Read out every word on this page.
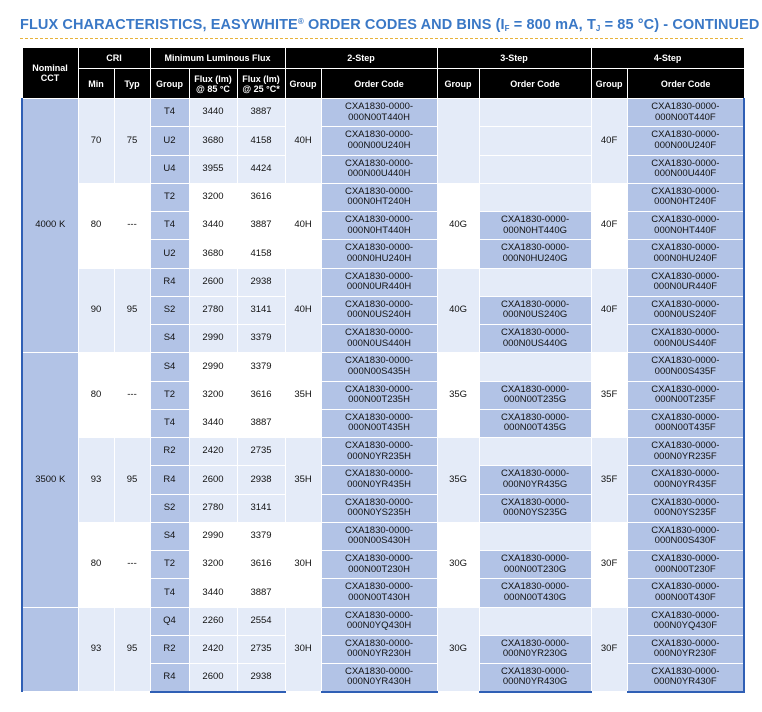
FLUX CHARACTERISTICS, EASYWHITE® ORDER CODES AND BINS ($I_F = 800$ mA, $T_J = 85$ °C) - CONTINUED
Nominal CCT	CRI		Minimum Luminous Flux			2-Step		3-Step		4-Step	
	Min	Typ	Group	Flux (lm) @ 85 °C	Flux (lm) @ 25 °C*	Group	Order Code	Group	Order Code	Group	Order Code
4000 K	70	75	T4	3440	3887	40H	CXA1830-0000-000N00T440H			40F	CXA1830-0000-000N00T440F
			U2	3680	4158		CXA1830-0000-000N00U240H				CXA1830-0000-000N00U240F
			U4	3955	4424		CXA1830-0000-000N00U440H				CXA1830-0000-000N00U440F
	80	---	T2	3200	3616	40H	CXA1830-0000-000N0HT240H	40G		40F	CXA1830-0000-000N0HT240F
			T4	3440	3887		CXA1830-0000-000N0HT440H		CXA1830-0000-000N0HT440G		CXA1830-0000-000N0HT440F
			U2	3680	4158		CXA1830-0000-000N0HU240H		CXA1830-0000-000N0HU240G		CXA1830-0000-000N0HU240F
	90	95	R4	2600	2938	40H	CXA1830-0000-000N0UR440H	40G		40F	CXA1830-0000-000N0UR440F
			S2	2780	3141		CXA1830-0000-000N0US240H		CXA1830-0000-000N0US240G		CXA1830-0000-000N0US240F
			S4	2990	3379		CXA1830-0000-000N0US440H		CXA1830-0000-000N0US440G		CXA1830-0000-000N0US440F
3500 K	80	---	S4	2990	3379	35H	CXA1830-0000-000N00S435H	35G		35F	CXA1830-0000-000N00S435F
			T2	3200	3616		CXA1830-0000-000N00T235H		CXA1830-0000-000N00T235G		CXA1830-0000-000N00T235F
			T4	3440	3887		CXA1830-0000-000N00T435H		CXA1830-0000-000N00T435G		CXA1830-0000-000N00T435F
	93	95	R2	2420	2735	35H	CXA1830-0000-000N0YR235H	35G		35F	CXA1830-0000-000N0YR235F
			R4	2600	2938		CXA1830-0000-000N0YR435H		CXA1830-0000-000N0YR435G		CXA1830-0000-000N0YR435F
			S2	2780	3141		CXA1830-0000-000N0YS235H		CXA1830-0000-000N0YS235G		CXA1830-0000-000N0YS235F
	80	---	S4	2990	3379	30H	CXA1830-0000-000N00S430H	30G		30F	CXA1830-0000-000N00S430F
			T2	3200	3616		CXA1830-0000-000N00T230H		CXA1830-0000-000N00T230G		CXA1830-0000-000N00T230F
			T4	3440	3887		CXA1830-0000-000N00T430H		CXA1830-0000-000N00T430G		CXA1830-0000-000N00T430F
	93	95	Q4	2260	2554	30H	CXA1830-0000-000N0YQ430H	30G		30F	CXA1830-0000-000N0YQ430F
			R2	2420	2735		CXA1830-0000-000N0YR230H		CXA1830-0000-000N0YR230G		CXA1830-0000-000N0YR230F
			R4	2600	2938		CXA1830-0000-000N0YR430H		CXA1830-0000-000N0YR430G		CXA1830-0000-000N0YR430F
